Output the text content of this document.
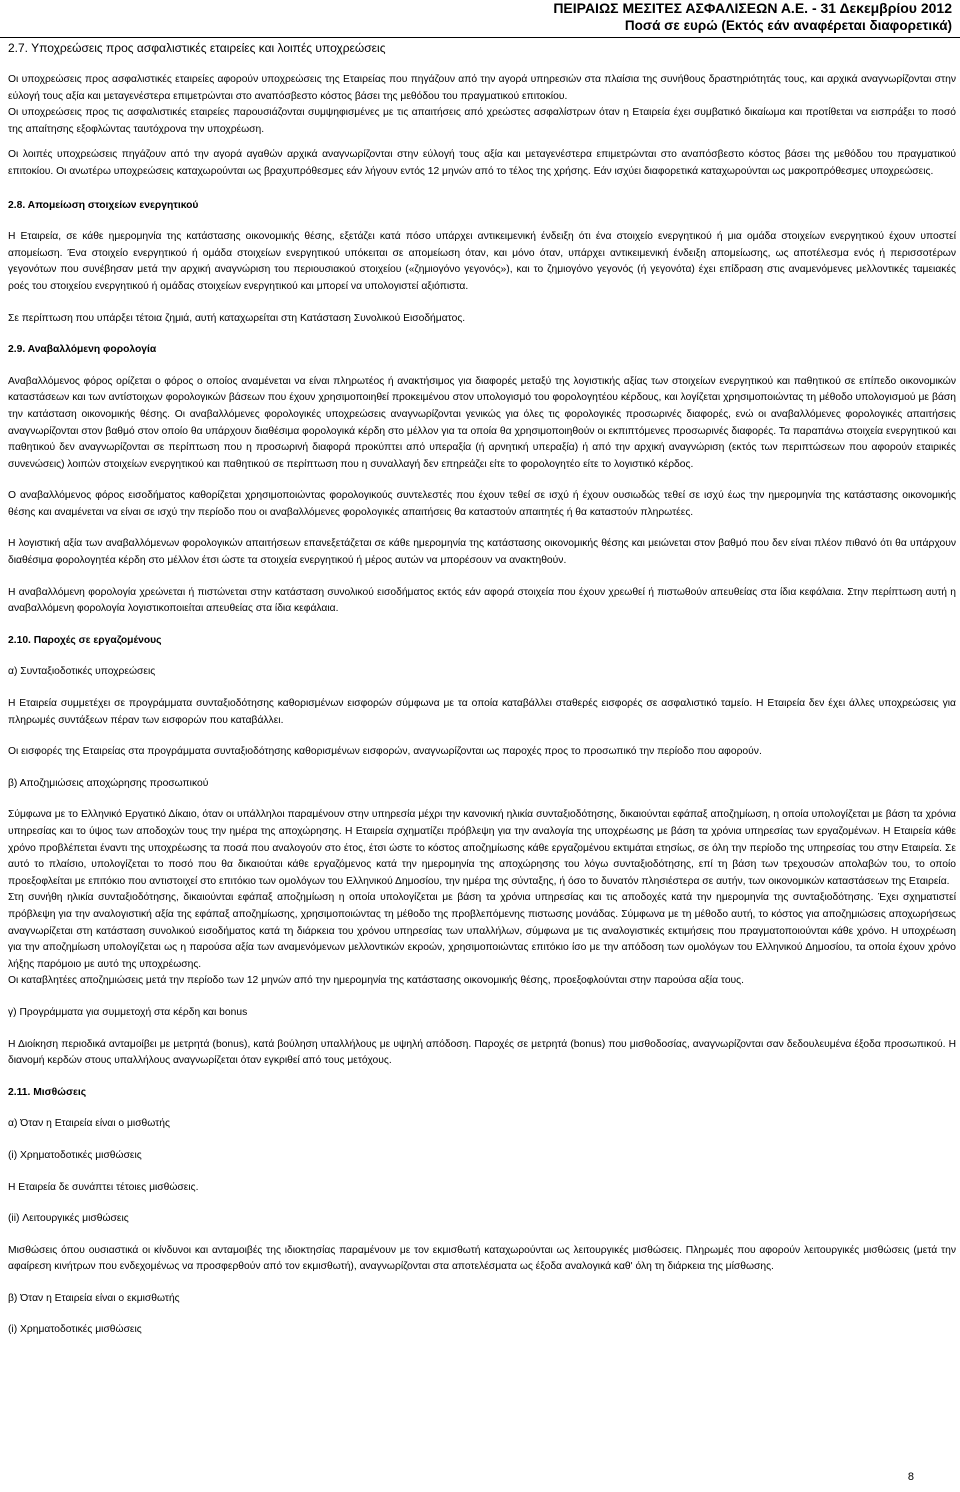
ΠΕΙΡΑΙΩΣ ΜΕΣΙΤΕΣ ΑΣΦΑΛΙΣΕΩΝ Α.Ε. - 31 Δεκεμβρίου 2012
Ποσά σε ευρώ (Εκτός εάν αναφέρεται διαφορετικά)
2.7. Υποχρεώσεις προς ασφαλιστικές εταιρείες και λοιπές υποχρεώσεις

Οι υποχρεώσεις προς ασφαλιστικές εταιρείες αφορούν υποχρεώσεις της Εταιρείας που πηγάζουν από την αγορά υπηρεσιών στα πλαίσια της συνήθους δραστηριότητάς τους, και αρχικά αναγνωρίζονται στην εύλογή τους αξία και μεταγενέστερα επιμετρώνται στο αναπόσβεστο κόστος βάσει της μεθόδου του πραγματικού επιτοκίου.

Οι υποχρεώσεις προς τις ασφαλιστικές εταιρείες παρουσιάζονται συμψηφισμένες με τις απαιτήσεις από χρεώστες ασφαλίστρων όταν η Εταιρεία έχει συμβατικό δικαίωμα και προτίθεται να εισπράξει το ποσό της απαίτησης εξοφλώντας ταυτόχρονα την υποχρέωση.

Οι λοιπές υποχρεώσεις πηγάζουν από την αγορά αγαθών αρχικά αναγνωρίζονται στην εύλογή τους αξία και μεταγενέστερα επιμετρώνται στο αναπόσβεστο κόστος βάσει της μεθόδου του πραγματικού επιτοκίου. Οι ανωτέρω υποχρεώσεις καταχωρούνται ως βραχυπρόθεσμες εάν λήγουν εντός 12 μηνών από το τέλος της χρήσης. Εάν ισχύει διαφορετικά καταχωρούνται ως μακροπρόθεσμες υποχρεώσεις.

2.8. Απομείωση στοιχείων ενεργητικού

Η Εταιρεία, σε κάθε ημερομηνία της κατάστασης οικονομικής θέσης, εξετάζει κατά πόσο υπάρχει αντικειμενική ένδειξη ότι ένα στοιχείο ενεργητικού ή μια ομάδα στοιχείων ενεργητικού έχουν υποστεί απομείωση. Ένα στοιχείο ενεργητικού ή ομάδα στοιχείων ενεργητικού υπόκειται σε απομείωση όταν, και μόνο όταν, υπάρχει αντικειμενική ένδειξη απομείωσης, ως αποτέλεσμα ενός ή περισσοτέρων γεγονότων που συνέβησαν μετά την αρχική αναγνώριση του περιουσιακού στοιχείου («ζημιογόνο γεγονός»), και το ζημιογόνο γεγονός (ή γεγονότα) έχει επίδραση στις αναμενόμενες μελλοντικές ταμειακές ροές του στοιχείου ενεργητικού ή ομάδας στοιχείων ενεργητικού και μπορεί να υπολογιστεί αξιόπιστα.

Σε περίπτωση που υπάρξει τέτοια ζημιά, αυτή καταχωρείται στη Κατάσταση Συνολικού Εισοδήματος.

2.9. Αναβαλλόμενη φορολογία

Αναβαλλόμενος φόρος ορίζεται ο φόρος ο οποίος αναμένεται να είναι πληρωτέος ή ανακτήσιμος για διαφορές μεταξύ της λογιστικής αξίας των στοιχείων ενεργητικού και παθητικού σε επίπεδο οικονομικών καταστάσεων και των αντίστοιχων φορολογικών βάσεων που έχουν χρησιμοποιηθεί προκειμένου στον υπολογισμό του φορολογητέου κέρδους, και λογίζεται χρησιμοποιώντας τη μέθοδο υπολογισμού με βάση την κατάσταση οικονομικής θέσης. Οι αναβαλλόμενες φορολογικές υποχρεώσεις αναγνωρίζονται γενικώς για όλες τις φορολογικές προσωρινές διαφορές, ενώ οι αναβαλλόμενες φορολογικές απαιτήσεις αναγνωρίζονται στον βαθμό στον οποίο θα υπάρχουν διαθέσιμα φορολογικά κέρδη στο μέλλον για τα οποία θα χρησιμοποιηθούν οι εκπιπτόμενες προσωρινές διαφορές. Τα παραπάνω στοιχεία ενεργητικού και παθητικού δεν αναγνωρίζονται σε περίπτωση που η προσωρινή διαφορά προκύπτει από υπεραξία (ή αρνητική υπεραξία) ή από την αρχική αναγνώριση (εκτός των περιπτώσεων που αφορούν εταιρικές συνενώσεις) λοιπών στοιχείων ενεργητικού και παθητικού σε περίπτωση που η συναλλαγή δεν επηρεάζει είτε το φορολογητέο είτε το λογιστικό κέρδος.

Ο αναβαλλόμενος φόρος εισοδήματος καθορίζεται χρησιμοποιώντας φορολογικούς συντελεστές που έχουν τεθεί σε ισχύ ή έχουν ουσιωδώς τεθεί σε ισχύ έως την ημερομηνία της κατάστασης οικονομικής θέσης και αναμένεται να είναι σε ισχύ την περίοδο που οι αναβαλλόμενες φορολογικές απαιτήσεις θα καταστούν απαιτητές ή θα καταστούν πληρωτέες.

Η λογιστική αξία των αναβαλλόμενων φορολογικών απαιτήσεων επανεξετάζεται σε κάθε ημερομηνία της κατάστασης οικονομικής θέσης και μειώνεται στον βαθμό που δεν είναι πλέον πιθανό ότι θα υπάρχουν διαθέσιμα φορολογητέα κέρδη στο μέλλον έτσι ώστε τα στοιχεία ενεργητικού ή μέρος αυτών να μπορέσουν να ανακτηθούν.

Η αναβαλλόμενη φορολογία χρεώνεται ή πιστώνεται στην κατάσταση συνολικού εισοδήματος εκτός εάν αφορά στοιχεία που έχουν χρεωθεί ή πιστωθούν απευθείας στα ίδια κεφάλαια. Στην περίπτωση αυτή η αναβαλλόμενη φορολογία λογιστικοποιείται απευθείας στα ίδια κεφάλαια.

2.10. Παροχές σε εργαζομένους

α) Συνταξιοδοτικές υποχρεώσεις

Η Εταιρεία συμμετέχει σε προγράμματα συνταξιοδότησης καθορισμένων εισφορών σύμφωνα με τα οποία καταβάλλει σταθερές εισφορές σε ασφαλιστικό ταμείο. Η Εταιρεία δεν έχει άλλες υποχρεώσεις για πληρωμές συντάξεων πέραν των εισφορών που καταβάλλει.

Οι εισφορές της Εταιρείας στα προγράμματα συνταξιοδότησης καθορισμένων εισφορών, αναγνωρίζονται ως παροχές προς το προσωπικό την περίοδο που αφορούν.

β) Αποζημιώσεις αποχώρησης προσωπικού

Σύμφωνα με το Ελληνικό Εργατικό Δίκαιο, όταν οι υπάλληλοι παραμένουν στην υπηρεσία μέχρι την κανονική ηλικία συνταξιοδότησης, δικαιούνται εφάπαξ αποζημίωση, η οποία υπολογίζεται με βάση τα χρόνια υπηρεσίας και το ύψος των αποδοχών τους την ημέρα της αποχώρησης. Η Εταιρεία σχηματίζει πρόβλεψη για την αναλογία της υποχρέωσης με βάση τα χρόνια υπηρεσίας των εργαζομένων. Η Εταιρεία κάθε χρόνο προβλέπεται έναντι της υποχρέωσης τα ποσά που αναλογούν στο έτος, έτσι ώστε το κόστος αποζημίωσης κάθε εργαζομένου εκτιμάται ετησίως, σε όλη την περίοδο της υπηρεσίας του στην Εταιρεία. Σε αυτό το πλαίσιο, υπολογίζεται το ποσό που θα δικαιούται κάθε εργαζόμενος κατά την ημερομηνία της αποχώρησης του λόγω συνταξιοδότησης, επί τη βάση των τρεχουσών απολαβών του, το οποίο προεξοφλείται με επιτόκιο που αντιστοιχεί στο επιτόκιο των ομολόγων του Ελληνικού Δημοσίου, την ημέρα της σύνταξης, ή όσο το δυνατόν πλησιέστερα σε αυτήν, των οικονομικών καταστάσεων της Εταιρεία.

Στη συνήθη ηλικία συνταξιοδότησης, δικαιούνται εφάπαξ αποζημίωση η οποία υπολογίζεται με βάση τα χρόνια υπηρεσίας και τις αποδοχές κατά την ημερομηνία της συνταξιοδότησης. Έχει σχηματιστεί πρόβλεψη για την αναλογιστική αξία της εφάπαξ αποζημίωσης, χρησιμοποιώντας τη μέθοδο της προβλεπόμενης πιστωσης μονάδας. Σύμφωνα με τη μέθοδο αυτή, το κόστος για αποζημιώσεις αποχωρήσεως αναγνωρίζεται στη κατάσταση συνολικού εισοδήματος κατά τη διάρκεια του χρόνου υπηρεσίας των υπαλλήλων, σύμφωνα με τις αναλογιστικές εκτιμήσεις που πραγματοποιούνται κάθε χρόνο. Η υποχρέωση για την αποζημίωση υπολογίζεται ως η παρούσα αξία των αναμενόμενων μελλοντικών εκροών, χρησιμοποιώντας επιτόκιο ίσο με την απόδοση των ομολόγων του Ελληνικού Δημοσίου, τα οποία έχουν χρόνο λήξης παρόμοιο με αυτό της υποχρέωσης.

Οι καταβλητέες αποζημιώσεις μετά την περίοδο των 12 μηνών από την ημερομηνία της κατάστασης οικονομικής θέσης, προεξοφλούνται στην παρούσα αξία τους.

γ) Προγράμματα για συμμετοχή στα κέρδη και bonus

Η Διοίκηση περιοδικά ανταμοίβει με μετρητά (bonus), κατά βούληση υπαλλήλους με υψηλή απόδοση. Παροχές σε μετρητά (bonus) που μισθοδοσίας, αναγνωρίζονται σαν δεδουλευμένα έξοδα προσωπικού. Η διανομή κερδών στους υπαλλήλους αναγνωρίζεται όταν εγκριθεί από τους μετόχους.

2.11. Μισθώσεις

α) Όταν η Εταιρεία είναι ο μισθωτής

(i) Χρηματοδοτικές μισθώσεις

Η Εταιρεία δε συνάπτει τέτοιες μισθώσεις.

(ii) Λειτουργικές μισθώσεις

Μισθώσεις όπου ουσιαστικά οι κίνδυνοι και ανταμοιβές της ιδιοκτησίας παραμένουν με τον εκμισθωτή καταχωρούνται ως λειτουργικές μισθώσεις. Πληρωμές που αφορούν λειτουργικές μισθώσεις (μετά την αφαίρεση κινήτρων που ενδεχομένως να προσφερθούν από τον εκμισθωτή), αναγνωρίζονται στα αποτελέσματα ως έξοδα αναλογικά καθ' όλη τη διάρκεια της μίσθωσης.

β) Όταν η Εταιρεία είναι ο εκμισθωτής

(i) Χρηματοδοτικές μισθώσεις

8
